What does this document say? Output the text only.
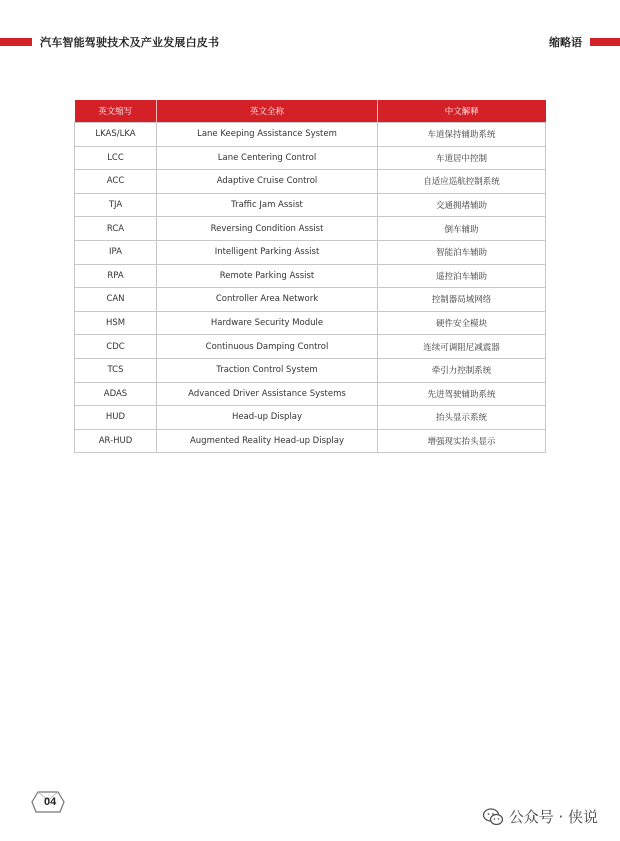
汽车智能驾驶技术及产业发展白皮书	缩略语
英文缩写	英文全称	中文解释
LKAS/LKA	Lane Keeping Assistance System	车道保持辅助系统
LCC	Lane Centering Control	车道居中控制
ACC	Adaptive Cruise Control	自适应巡航控制系统
TJA	Traffic Jam Assist	交通拥堵辅助
RCA	Reversing Condition Assist	倒车辅助
IPA	Intelligent Parking Assist	智能泊车辅助
RPA	Remote Parking Assist	遥控泊车辅助
CAN	Controller Area Network	控制器局域网络
HSM	Hardware Security Module	硬件安全模块
CDC	Continuous Damping Control	连续可调阻尼减震器
TCS	Traction Control System	牵引力控制系统
ADAS	Advanced Driver Assistance Systems	先进驾驶辅助系统
HUD	Head-up Display	抬头显示系统
AR-HUD	Augmented Reality Head-up Display	增强现实抬头显示
04
公众号 · 侠说
